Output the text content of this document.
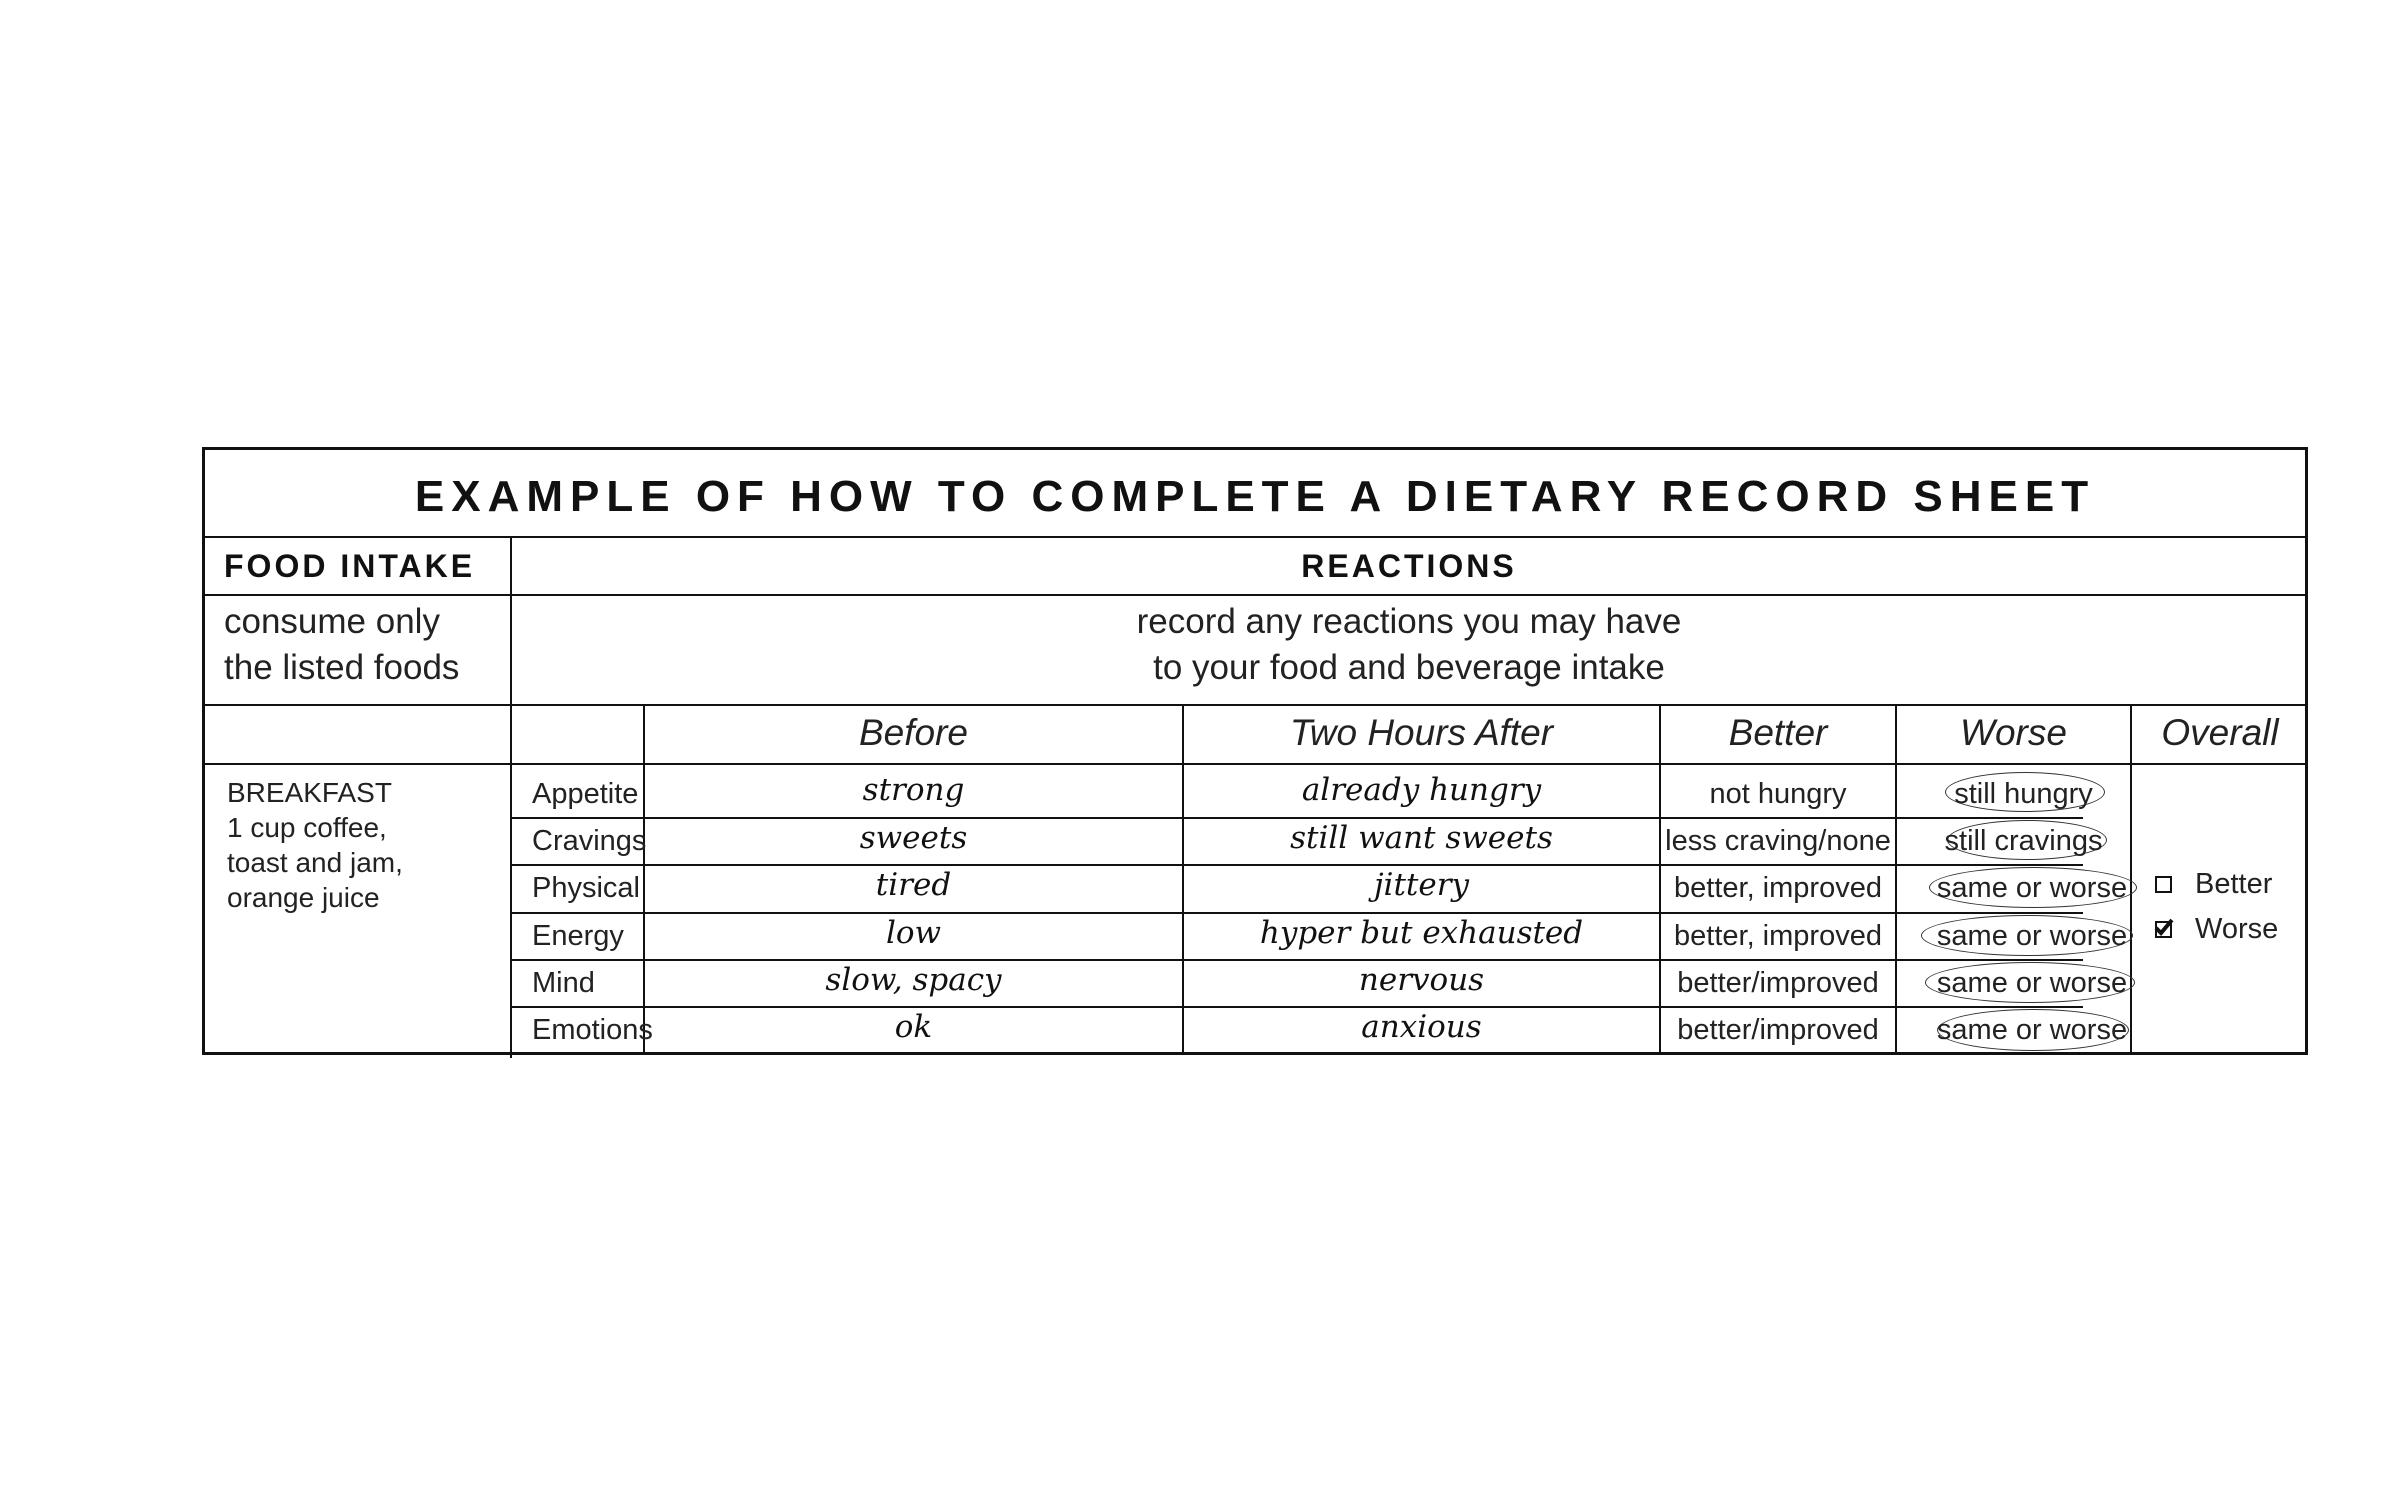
EXAMPLE OF HOW TO COMPLETE A DIETARY RECORD SHEET
FOOD INTAKE	REACTIONS
consume only
the listed foods
record any reactions you may have
to your food and beverage intake
Before	Two Hours After	Better	Worse	Overall
BREAKFAST
1 cup coffee,
toast and jam,
orange juice
Appetite	strong	already hungry	not hungry	still hungry
Cravings	sweets	still want sweets	less craving/none	still cravings
Physical	tired	jittery	better, improved	same or worse
Energy	low	hyper but exhausted	better, improved	same or worse
Mind	slow, spacy	nervous	better/improved	same or worse
Emotions	ok	anxious	better/improved	same or worse
Better
Worse
